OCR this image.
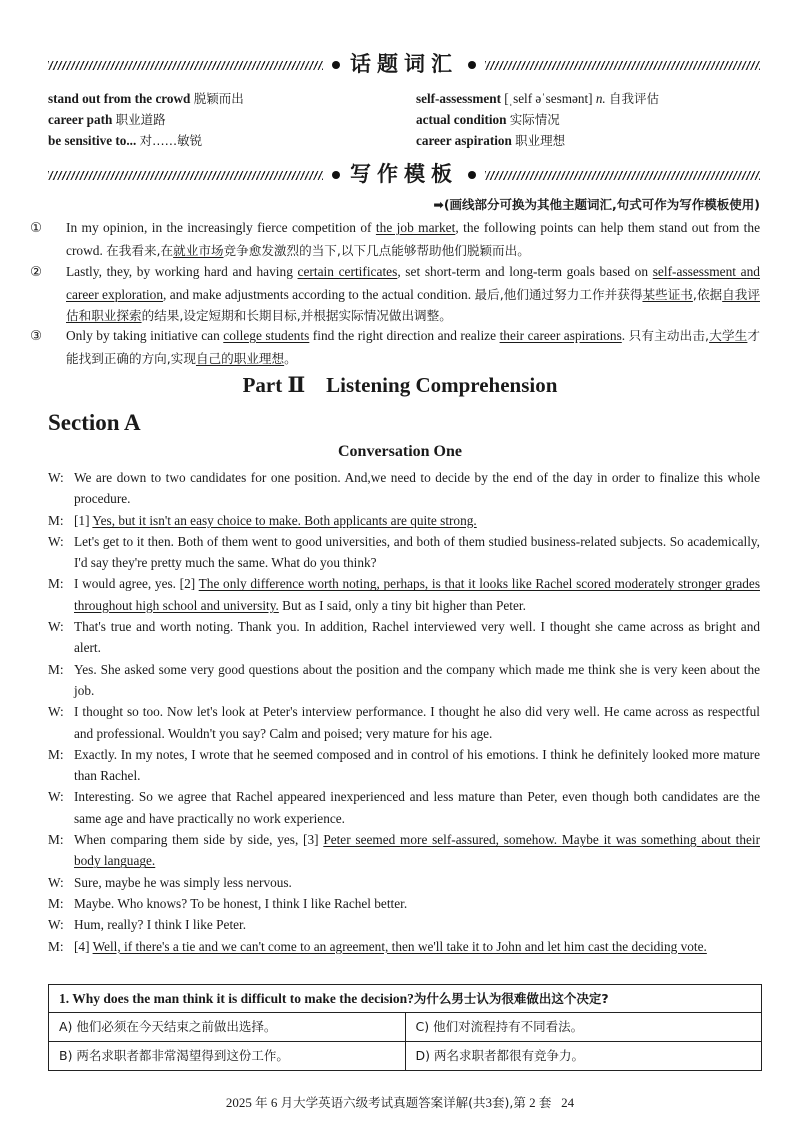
话题词汇
stand out from the crowd 脱颖而出
career path 职业道路
be sensitive to... 对……敏锐
self-assessment [ˌself əˈsesmənt] n. 自我评估
actual condition 实际情况
career aspiration 职业理想
写作模板
➡(画线部分可换为其他主题词汇,句式可作为写作模板使用)
① In my opinion, in the increasingly fierce competition of the job market, the following points can help them stand out from the crowd. 在我看来,在就业市场竞争愈发激烈的当下,以下几点能够帮助他们脱颖而出。
② Lastly, they, by working hard and having certain certificates, set short-term and long-term goals based on self-assessment and career exploration, and make adjustments according to the actual condition. 最后,他们通过努力工作并获得某些证书,依据自我评估和职业探索的结果,设定短期和长期目标,并根据实际情况做出调整。
③ Only by taking initiative can college students find the right direction and realize their career aspirations. 只有主动出击,大学生才能找到正确的方向,实现自己的职业理想。
Part Ⅱ    Listening Comprehension
Section A
Conversation One
W: We are down to two candidates for one position. And,we need to decide by the end of the day in order to finalize this whole procedure.
M: [1] Yes, but it isn't an easy choice to make. Both applicants are quite strong.
W: Let's get to it then. Both of them went to good universities, and both of them studied business-related subjects. So academically, I'd say they're pretty much the same. What do you think?
M: I would agree, yes. [2] The only difference worth noting, perhaps, is that it looks like Rachel scored moderately stronger grades throughout high school and university. But as I said, only a tiny bit higher than Peter.
W: That's true and worth noting. Thank you. In addition, Rachel interviewed very well. I thought she came across as bright and alert.
M: Yes. She asked some very good questions about the position and the company which made me think she is very keen about the job.
W: I thought so too. Now let's look at Peter's interview performance. I thought he also did very well. He came across as respectful and professional. Wouldn't you say? Calm and poised; very mature for his age.
M: Exactly. In my notes, I wrote that he seemed composed and in control of his emotions. I think he definitely looked more mature than Rachel.
W: Interesting. So we agree that Rachel appeared inexperienced and less mature than Peter, even though both candidates are the same age and have practically no work experience.
M: When comparing them side by side, yes, [3] Peter seemed more self-assured, somehow. Maybe it was something about their body language.
W: Sure, maybe he was simply less nervous.
M: Maybe. Who knows? To be honest, I think I like Rachel better.
W: Hum, really? I think I like Peter.
M: [4] Well, if there's a tie and we can't come to an agreement, then we'll take it to John and let him cast the deciding vote.
1. Why does the man think it is difficult to make the decision?为什么男士认为很难做出这个决定?
A) 他们必须在今天结束之前做出选择。	C) 他们对流程持有不同看法。
B) 两名求职者都非常渴望得到这份工作。	D) 两名求职者都很有竞争力。
2025 年 6 月大学英语六级考试真题答案详解(共3套),第 2 套 24
